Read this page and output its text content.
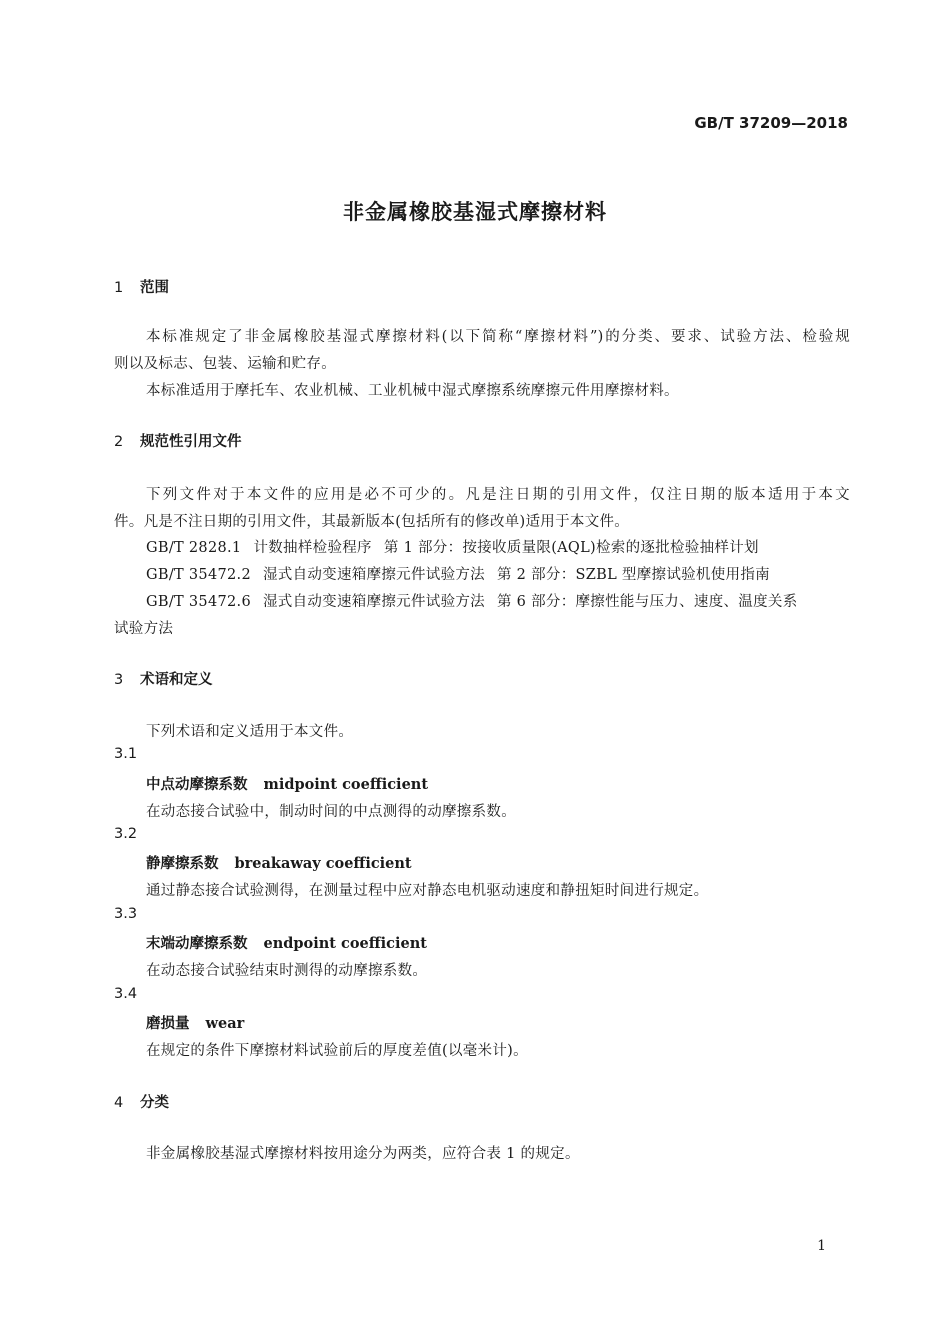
GB/T 37209—2018
非金属橡胶基湿式摩擦材料
1 范围
本标准规定了非金属橡胶基湿式摩擦材料(以下简称“摩擦材料”)的分类、要求、试验方法、检验规
则以及标志、包装、运输和贮存。
本标准适用于摩托车、农业机械、工业机械中湿式摩擦系统摩擦元件用摩擦材料。
2 规范性引用文件
下列文件对于本文件的应用是必不可少的。凡是注日期的引用文件，仅注日期的版本适用于本文
件。凡是不注日期的引用文件，其最新版本(包括所有的修改单)适用于本文件。
GB/T 2828.1 计数抽样检验程序 第 1 部分：按接收质量限(AQL)检索的逐批检验抽样计划
GB/T 35472.2 湿式自动变速箱摩擦元件试验方法 第 2 部分：SZBL 型摩擦试验机使用指南
GB/T 35472.6 湿式自动变速箱摩擦元件试验方法 第 6 部分：摩擦性能与压力、速度、温度关系
试验方法
3 术语和定义
下列术语和定义适用于本文件。
3.1
中点动摩擦系数 midpoint coefficient
在动态接合试验中，制动时间的中点测得的动摩擦系数。
3.2
静摩擦系数 breakaway coefficient
通过静态接合试验测得，在测量过程中应对静态电机驱动速度和静扭矩时间进行规定。
3.3
末端动摩擦系数 endpoint coefficient
在动态接合试验结束时测得的动摩擦系数。
3.4
磨损量 wear
在规定的条件下摩擦材料试验前后的厚度差值(以毫米计)。
4 分类
非金属橡胶基湿式摩擦材料按用途分为两类，应符合表 1 的规定。
1
